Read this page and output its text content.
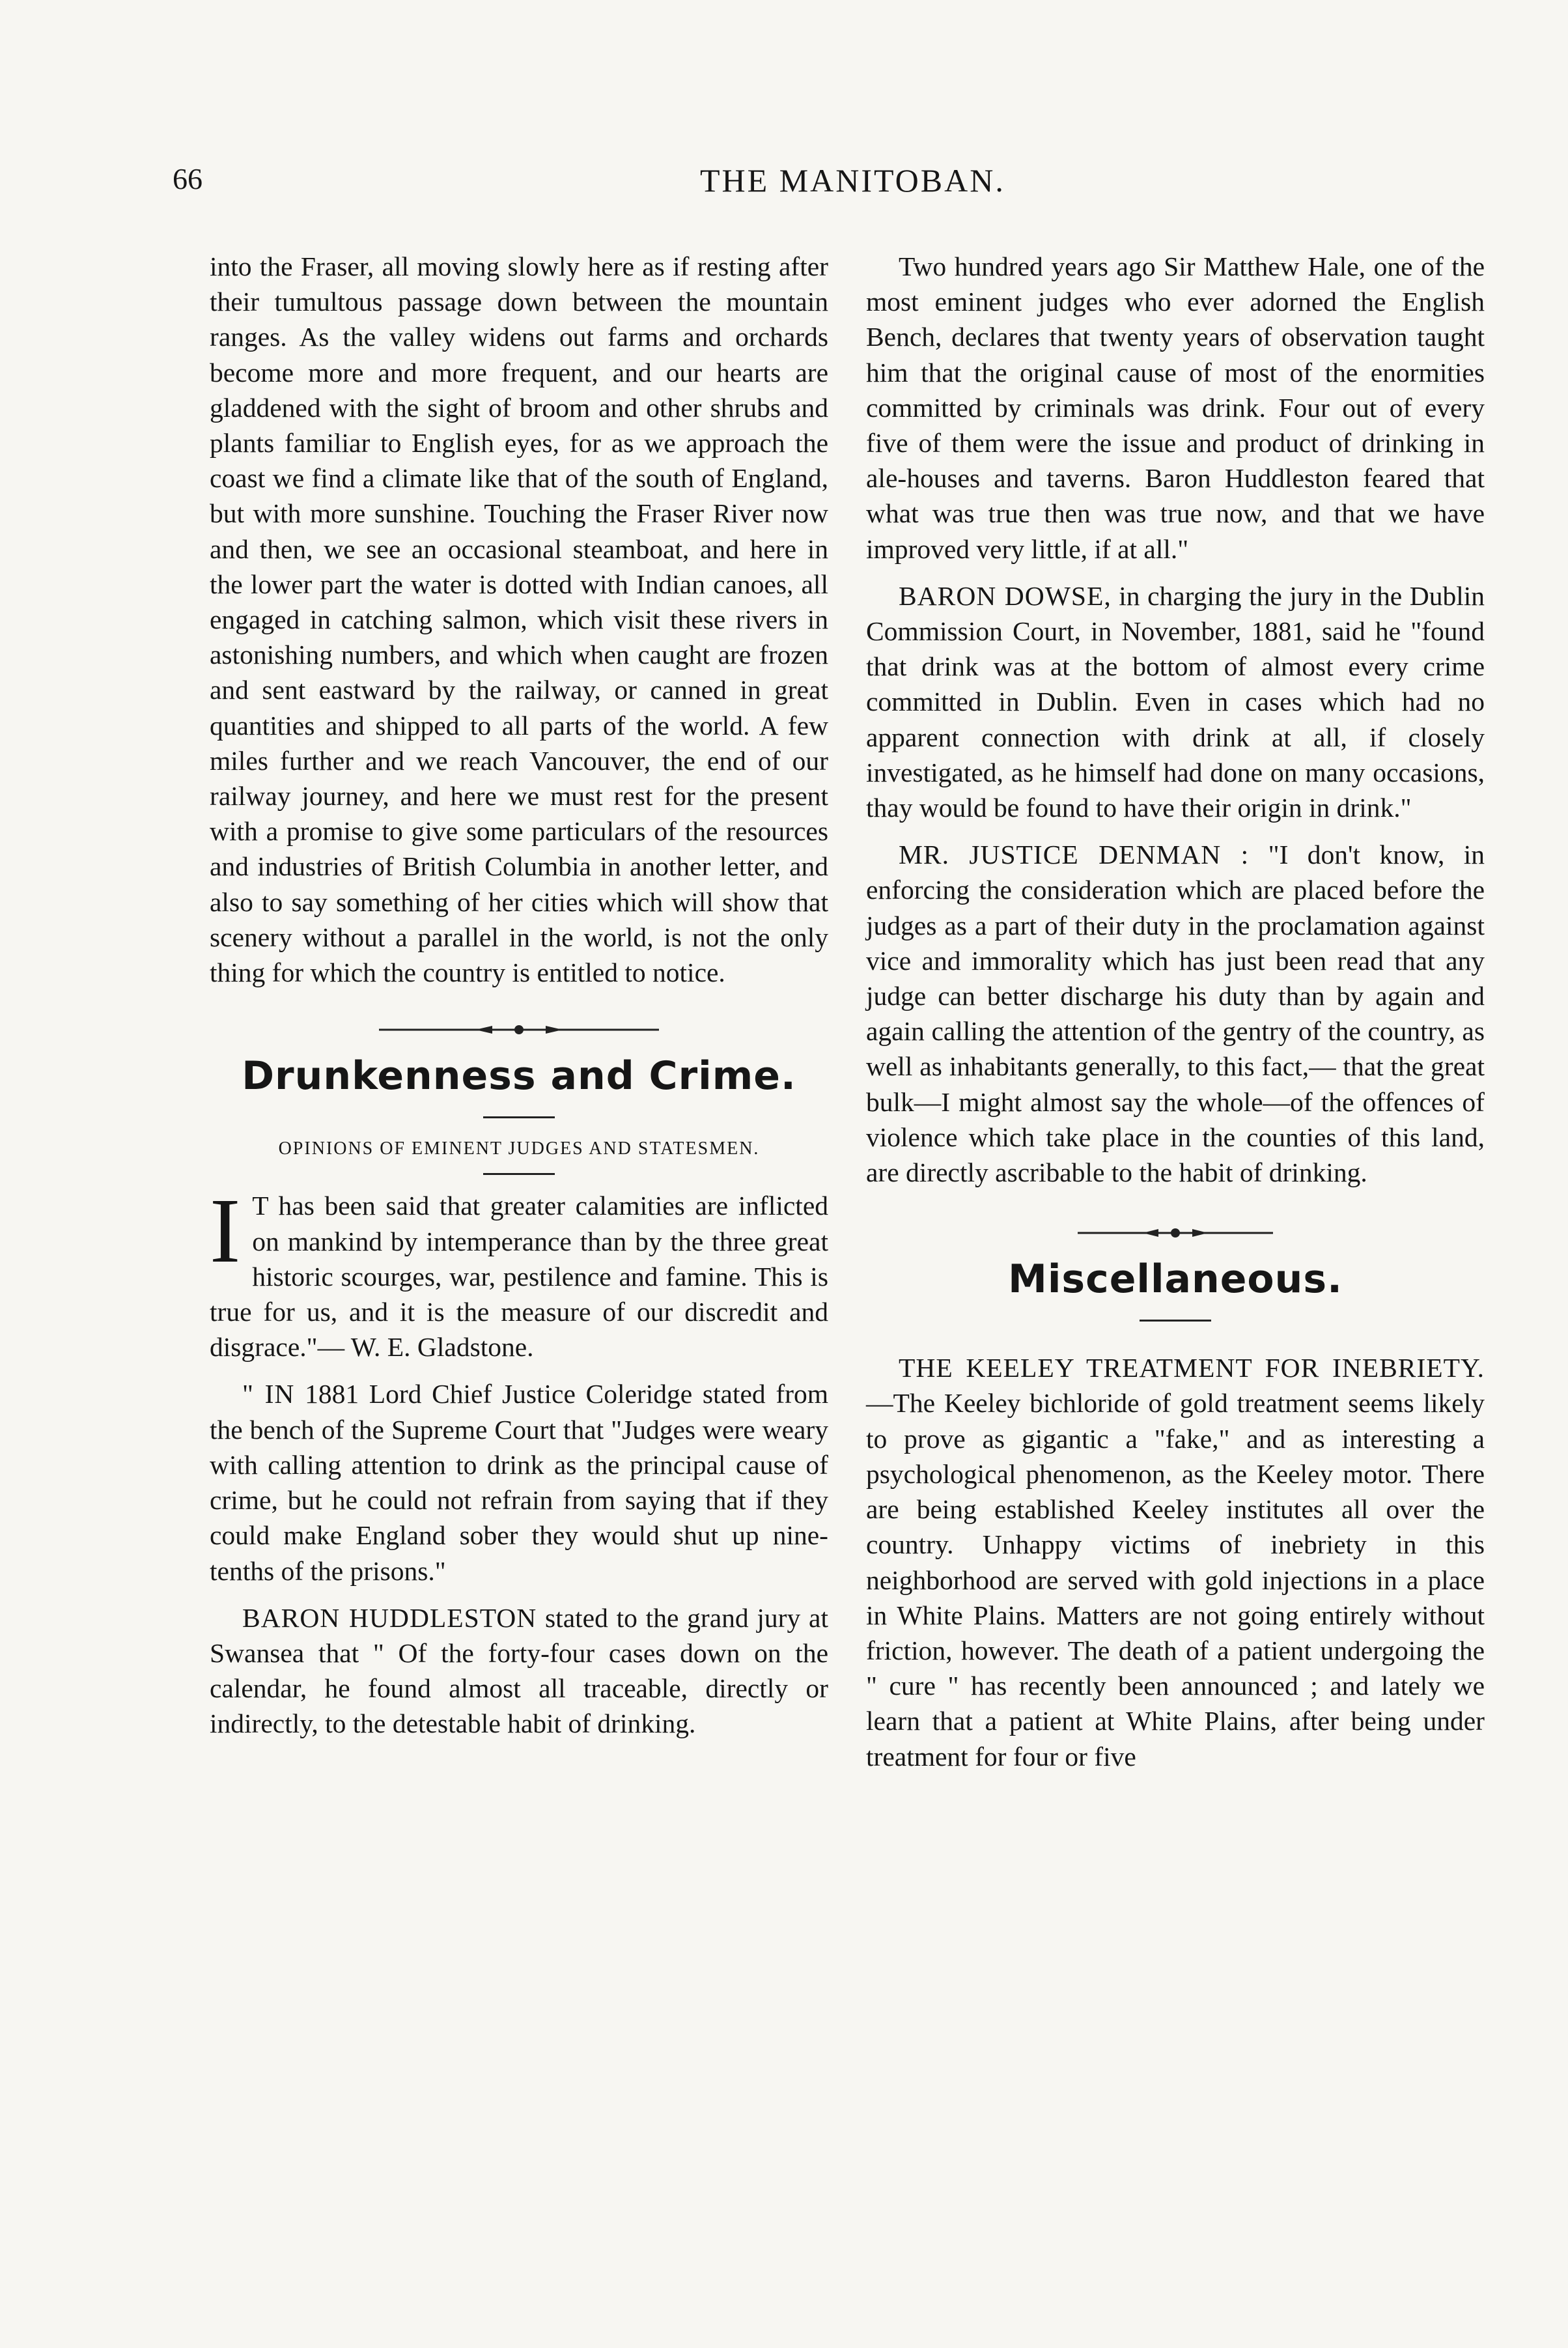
66	THE MANITOBAN.

into the Fraser, all moving slowly here as if resting after their tumultous passage down between the mountain ranges. As the valley widens out farms and orchards become more and more frequent, and our hearts are gladdened with the sight of broom and other shrubs and plants familiar to English eyes, for as we approach the coast we find a climate like that of the south of England, but with more sunshine. Touching the Fraser River now and then, we see an occasional steamboat, and here in the lower part the water is dotted with Indian canoes, all engaged in catching salmon, which visit these rivers in astonishing numbers, and which when caught are frozen and sent eastward by the railway, or canned in great quantities and shipped to all parts of the world. A few miles further and we reach Vancouver, the end of our railway journey, and here we must rest for the present with a promise to give some particulars of the resources and industries of British Columbia in another letter, and also to say something of her cities which will show that scenery without a parallel in the world, is not the only thing for which the country is entitled to notice.

Drunkenness and Crime.
OPINIONS OF EMINENT JUDGES AND STATESMEN.

I T has been said that greater calamities are inflicted on mankind by intemperance than by the three great historic scourges, war, pestilence and famine. This is true for us, and it is the measure of our discredit and disgrace."— W. E. Gladstone.

" IN 1881 Lord Chief Justice Coleridge stated from the bench of the Supreme Court that "Judges were weary with calling attention to drink as the principal cause of crime, but he could not refrain from saying that if they could make England sober they would shut up nine-tenths of the prisons."

BARON HUDDLESTON stated to the grand jury at Swansea that " Of the forty-four cases down on the calendar, he found almost all traceable, directly or indirectly, to the detestable habit of drinking.

Two hundred years ago Sir Matthew Hale, one of the most eminent judges who ever adorned the English Bench, declares that twenty years of observation taught him that the original cause of most of the enormities committed by criminals was drink. Four out of every five of them were the issue and product of drinking in ale-houses and taverns. Baron Huddleston feared that what was true then was true now, and that we have improved very little, if at all."

BARON DOWSE, in charging the jury in the Dublin Commission Court, in November, 1881, said he "found that drink was at the bottom of almost every crime committed in Dublin. Even in cases which had no apparent connection with drink at all, if closely investigated, as he himself had done on many occasions, thay would be found to have their origin in drink."

MR. JUSTICE DENMAN : "I don't know, in enforcing the consideration which are placed before the judges as a part of their duty in the proclamation against vice and immorality which has just been read that any judge can better discharge his duty than by again and again calling the attention of the gentry of the country, as well as inhabitants generally, to this fact,— that the great bulk—I might almost say the whole—of the offences of violence which take place in the counties of this land, are directly ascribable to the habit of drinking.

Miscellaneous.

THE KEELEY TREATMENT FOR INEBRIETY. —The Keeley bichloride of gold treatment seems likely to prove as gigantic a "fake," and as interesting a psychological phenomenon, as the Keeley motor. There are being established Keeley institutes all over the country. Unhappy victims of inebriety in this neighborhood are served with gold injections in a place in White Plains. Matters are not going entirely without friction, however. The death of a patient undergoing the " cure " has recently been announced ; and lately we learn that a patient at White Plains, after being under treatment for four or five
